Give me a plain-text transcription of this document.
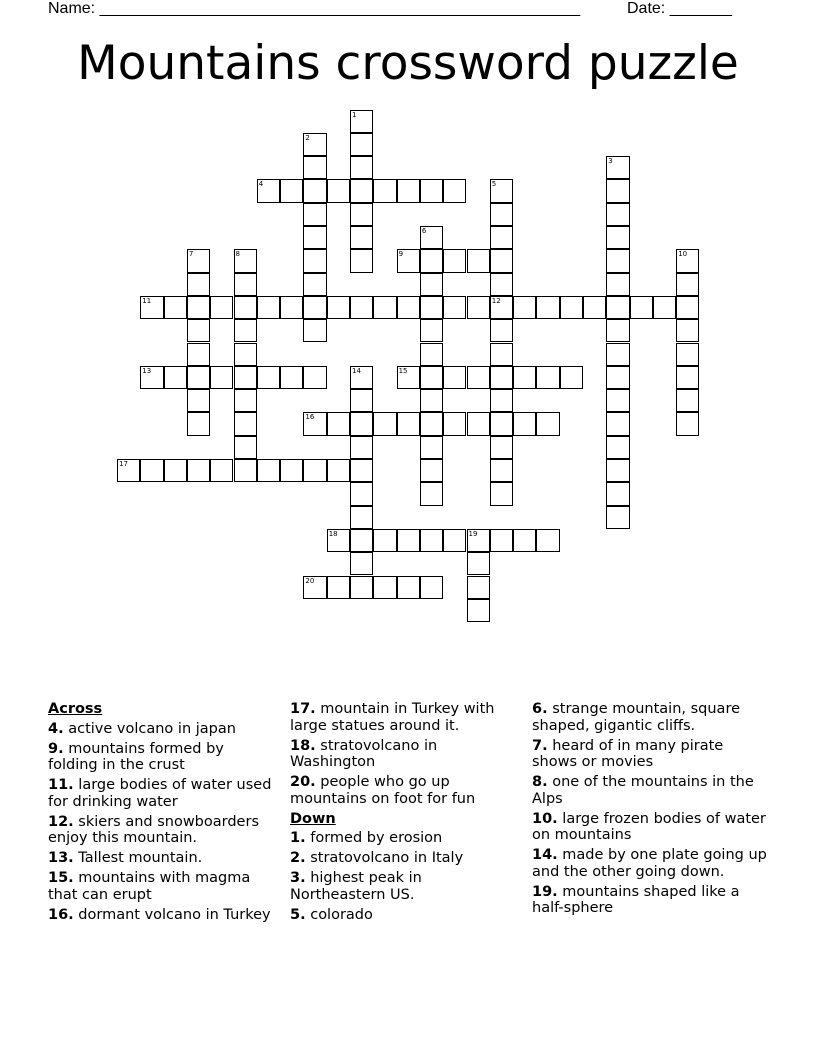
Name: ______________________________________________________	Date: _______
Mountains crossword puzzle
1
2
3
4	5
12
6
7	8	9	10
11
13	14	15
16
17
18	19
20
Across
4. active volcano in japan
9. mountains formed by folding in the crust
11. large bodies of water used for drinking water
12. skiers and snowboarders enjoy this mountain.
13. Tallest mountain.
15. mountains with magma that can erupt
16. dormant volcano in Turkey
17. mountain in Turkey with large statues around it.
18. stratovolcano in Washington
20. people who go up mountains on foot for fun
Down
1. formed by erosion
2. stratovolcano in Italy
3. highest peak in Northeastern US.
5. colorado
6. strange mountain, square shaped, gigantic cliffs.
7. heard of in many pirate shows or movies
8. one of the mountains in the Alps
10. large frozen bodies of water on mountains
14. made by one plate going up and the other going down.
19. mountains shaped like a half-sphere
